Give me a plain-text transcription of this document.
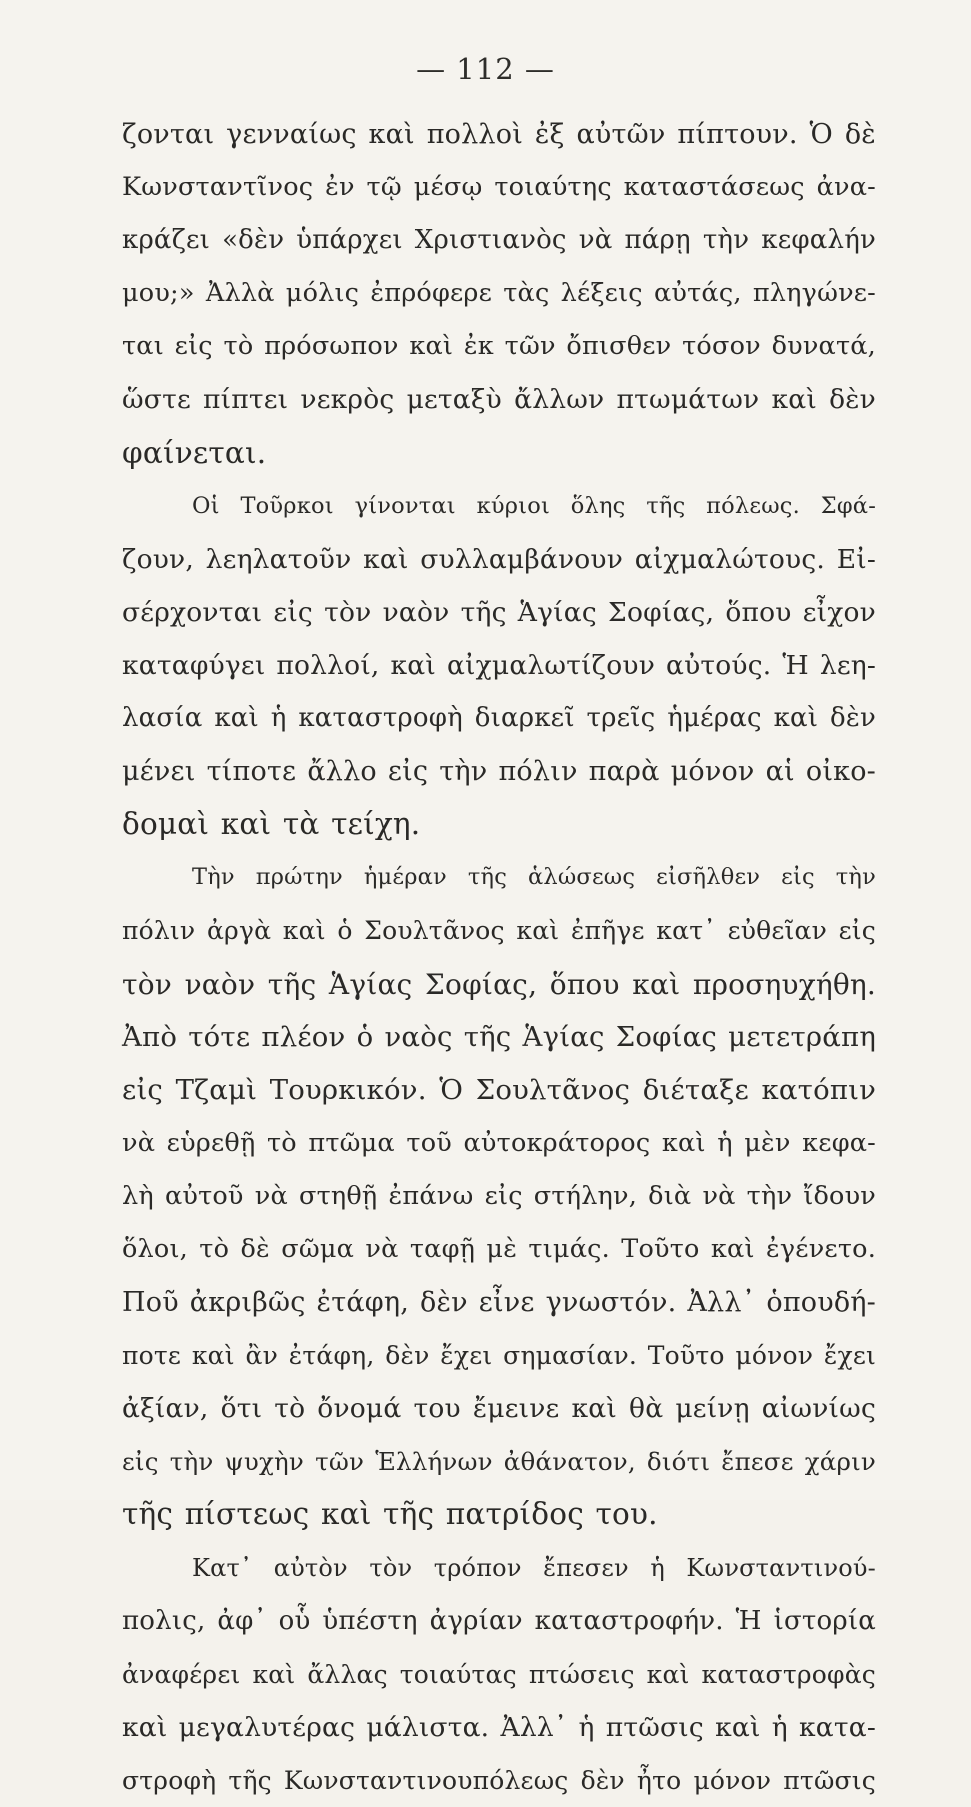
— 112 —
ζονται γενναίως καὶ πολλοὶ ἐξ αὐτῶν πίπτουν. Ὁ δὲ
Κωνσταντῖνος ἐν τῷ μέσῳ τοιαύτης καταστάσεως ἀνα-
κράζει «δὲν ὑπάρχει Χριστιανὸς νὰ πάρῃ τὴν κεφαλήν
μου;» Ἀλλὰ μόλις ἐπρόφερε τὰς λέξεις αὐτάς, πληγώνε-
ται εἰς τὸ πρόσωπον καὶ ἐκ τῶν ὄπισθεν τόσον δυνατά,
ὥστε πίπτει νεκρὸς μεταξὺ ἄλλων πτωμάτων καὶ δὲν
φαίνεται.
Οἱ Τοῦρκοι γίνονται κύριοι ὅλης τῆς πόλεως. Σφά-
ζουν, λεηλατοῦν καὶ συλλαμβάνουν αἰχμαλώτους. Εἰ-
σέρχονται εἰς τὸν ναὸν τῆς Ἁγίας Σοφίας, ὅπου εἶχον
καταφύγει πολλοί, καὶ αἰχμαλωτίζουν αὐτούς. Ἡ λεη-
λασία καὶ ἡ καταστροφὴ διαρκεῖ τρεῖς ἡμέρας καὶ δὲν
μένει τίποτε ἄλλο εἰς τὴν πόλιν παρὰ μόνον αἱ οἰκο-
δομαὶ καὶ τὰ τείχη.
Τὴν πρώτην ἡμέραν τῆς ἁλώσεως εἰσῆλθεν εἰς τὴν
πόλιν ἀργὰ καὶ ὁ Σουλτᾶνος καὶ ἐπῆγε κατ᾽ εὐθεῖαν εἰς
τὸν ναὸν τῆς Ἁγίας Σοφίας, ὅπου καὶ προσηυχήθη.
Ἀπὸ τότε πλέον ὁ ναὸς τῆς Ἁγίας Σοφίας μετετράπη
εἰς Τζαμὶ Τουρκικόν. Ὁ Σουλτᾶνος διέταξε κατόπιν
νὰ εὑρεθῇ τὸ πτῶμα τοῦ αὐτοκράτορος καὶ ἡ μὲν κεφα-
λὴ αὐτοῦ νὰ στηθῇ ἐπάνω εἰς στήλην, διὰ νὰ τὴν ἴδουν
ὅλοι, τὸ δὲ σῶμα νὰ ταφῇ μὲ τιμάς. Τοῦτο καὶ ἐγένετο.
Ποῦ ἀκριβῶς ἐτάφη, δὲν εἶνε γνωστόν. Ἀλλ᾽ ὁπουδή-
ποτε καὶ ἂν ἐτάφη, δὲν ἔχει σημασίαν. Τοῦτο μόνον ἔχει
ἀξίαν, ὅτι τὸ ὄνομά του ἔμεινε καὶ θὰ μείνῃ αἰωνίως
εἰς τὴν ψυχὴν τῶν Ἑλλήνων ἀθάνατον, διότι ἔπεσε χάριν
τῆς πίστεως καὶ τῆς πατρίδος του.
Κατ᾽ αὐτὸν τὸν τρόπον ἔπεσεν ἡ Κωνσταντινού-
πολις, ἀφ᾽ οὗ ὑπέστη ἀγρίαν καταστροφήν. Ἡ ἱστορία
ἀναφέρει καὶ ἄλλας τοιαύτας πτώσεις καὶ καταστροφὰς
καὶ μεγαλυτέρας μάλιστα. Ἀλλ᾽ ἡ πτῶσις καὶ ἡ κατα-
στροφὴ τῆς Κωνσταντινουπόλεως δὲν ἦτο μόνον πτῶσις
